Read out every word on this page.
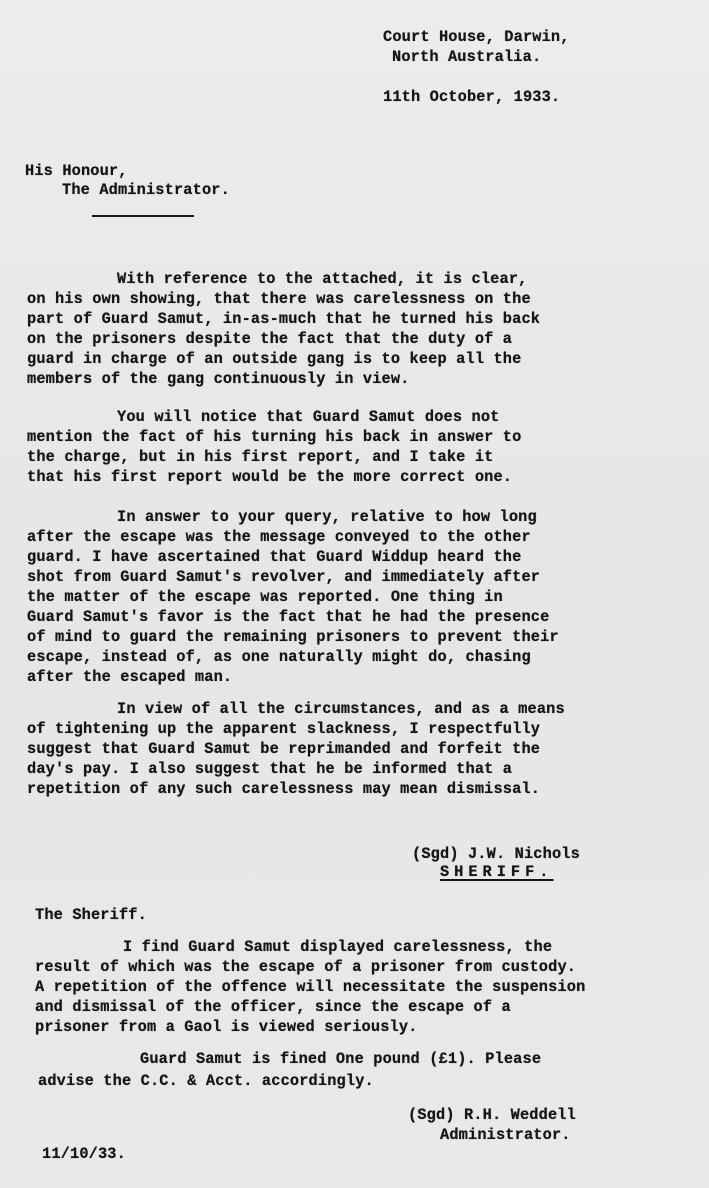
Court House, Darwin,
North Australia.
11th October, 1933.
His Honour,
The Administrator.
With reference to the attached, it is clear,
on his own showing, that there was carelessness on the
part of Guard Samut, in-as-much that he turned his back
on the prisoners despite the fact that the duty of a
guard in charge of an outside gang is to keep all the
members of the gang continuously in view.
You will notice that Guard Samut does not
mention the fact of his turning his back in answer to
the charge, but in his first report, and I take it
that his first report would be the more correct one.
In answer to your query, relative to how long
after the escape was the message conveyed to the other
guard. I have ascertained that Guard Widdup heard the
shot from Guard Samut's revolver, and immediately after
the matter of the escape was reported. One thing in
Guard Samut's favor is the fact that he had the presence
of mind to guard the remaining prisoners to prevent their
escape, instead of, as one naturally might do, chasing
after the escaped man.
In view of all the circumstances, and as a means
of tightening up the apparent slackness, I respectfully
suggest that Guard Samut be reprimanded and forfeit the
day's pay. I also suggest that he be informed that a
repetition of any such carelessness may mean dismissal.
(Sgd) J.W. Nichols
SHERIFF.
The Sheriff.
I find Guard Samut displayed carelessness, the
result of which was the escape of a prisoner from custody.
A repetition of the offence will necessitate the suspension
and dismissal of the officer, since the escape of a
prisoner from a Gaol is viewed seriously.
Guard Samut is fined One pound (£1). Please
advise the C.C. & Acct. accordingly.
(Sgd) R.H. Weddell
Administrator.
11/10/33.
